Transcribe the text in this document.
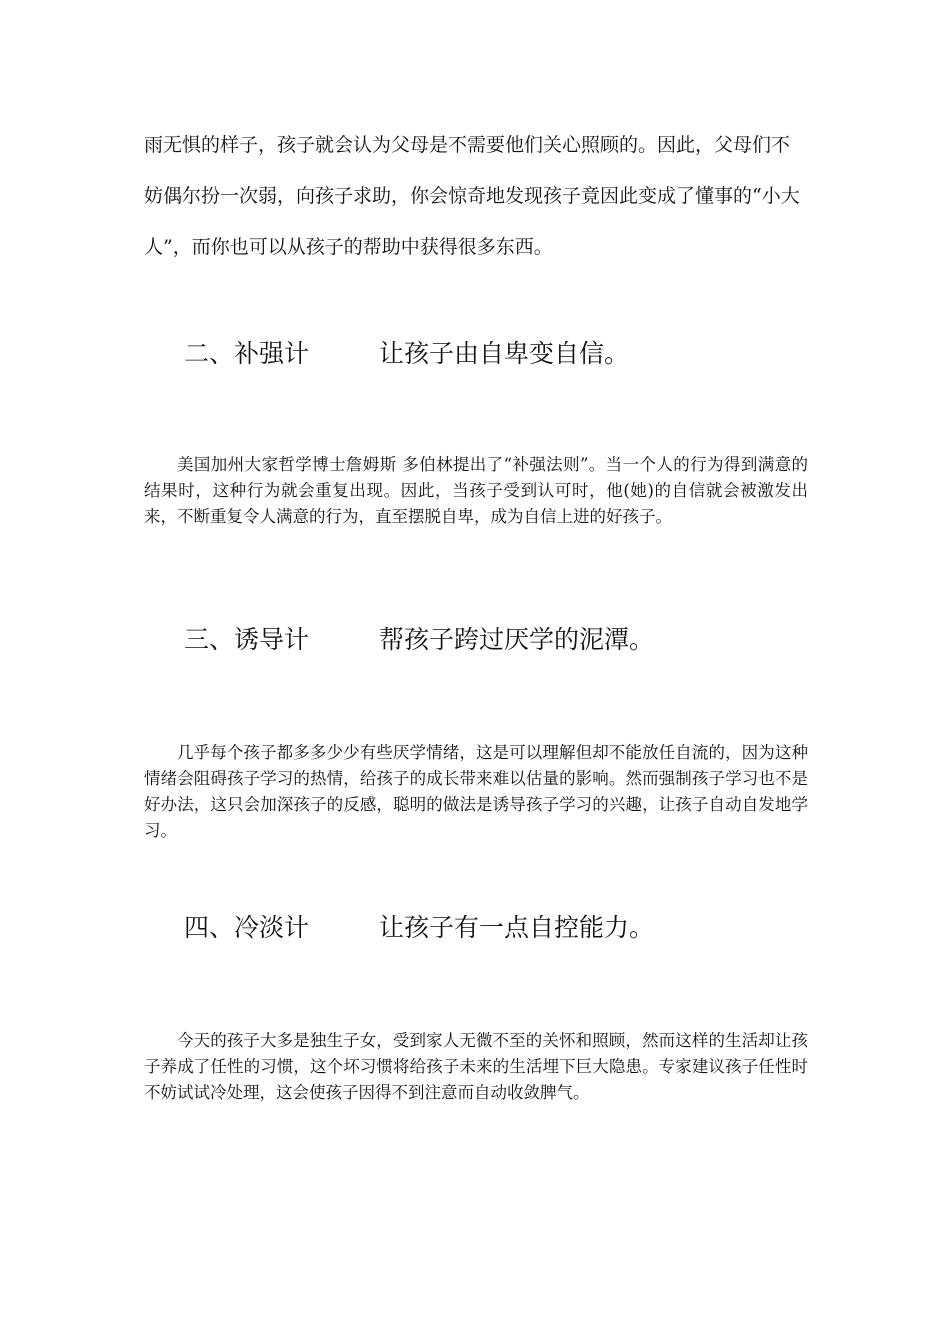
雨无惧的样子，孩子就会认为父母是不需要他们关心照顾的。因此，父母们不妨偶尔扮一次弱，向孩子求助，你会惊奇地发现孩子竟因此变成了懂事的“小大人”，而你也可以从孩子的帮助中获得很多东西。

二、补强计	让孩子由自卑变自信。

美国加州大家哲学博士詹姆斯 多伯林提出了“补强法则”。当一个人的行为得到满意的结果时，这种行为就会重复出现。因此，当孩子受到认可时，他(她)的自信就会被激发出来，不断重复令人满意的行为，直至摆脱自卑，成为自信上进的好孩子。

三、诱导计	帮孩子跨过厌学的泥潭。

几乎每个孩子都多多少少有些厌学情绪，这是可以理解但却不能放任自流的，因为这种情绪会阻碍孩子学习的热情，给孩子的成长带来难以估量的影响。然而强制孩子学习也不是好办法，这只会加深孩子的反感，聪明的做法是诱导孩子学习的兴趣，让孩子自动自发地学习。

四、冷淡计	让孩子有一点自控能力。

今天的孩子大多是独生子女，受到家人无微不至的关怀和照顾，然而这样的生活却让孩子养成了任性的习惯，这个坏习惯将给孩子未来的生活埋下巨大隐患。专家建议孩子任性时不妨试试冷处理，这会使孩子因得不到注意而自动收敛脾气。
